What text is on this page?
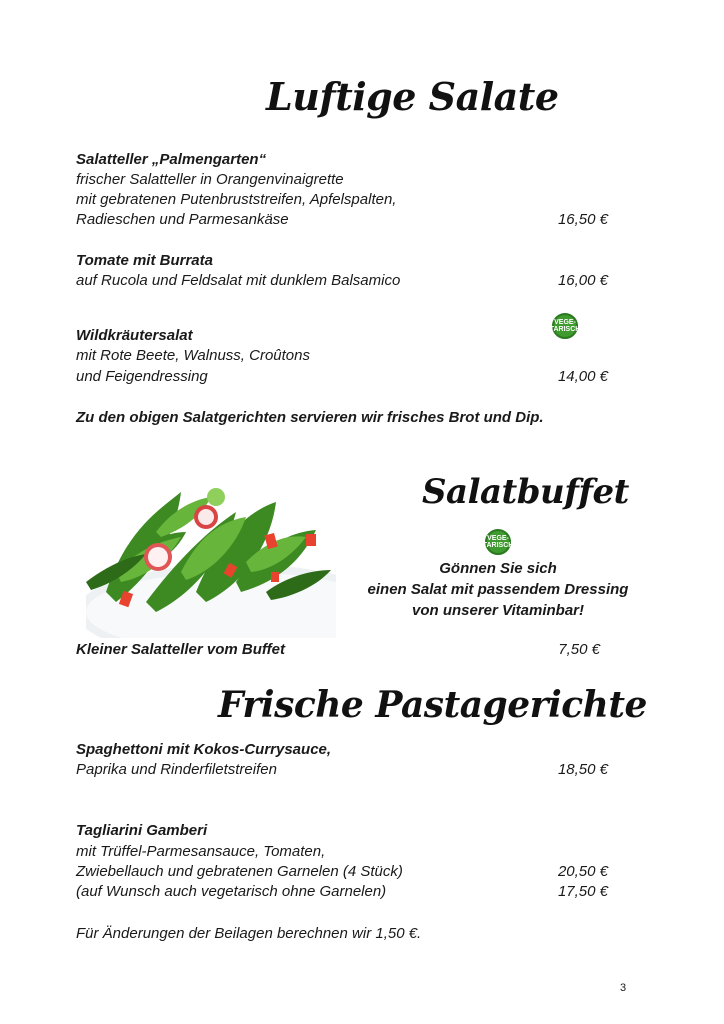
Luftige Salate
Salatteller „Palmengarten“
frischer Salatteller in Orangenvinaigrette
mit gebratenen Putenbruststreifen, Apfelspalten,
Radieschen und Parmesankäse	16,50 €
Tomate mit Burrata
auf Rucola und Feldsalat mit dunklem Balsamico	16,00 €
VEGE-TARISCH
Wildkräutersalat
mit Rote Beete, Walnuss, Croûtons
und Feigendressing	14,00 €
Zu den obigen Salatgerichten servieren wir frisches Brot und Dip.
Salatbuffet
VEGE-TARISCH
Gönnen Sie sich
einen Salat mit passendem Dressing
von unserer Vitaminbar!
Kleiner Salatteller vom Buffet	7,50 €
Frische Pastagerichte
Spaghettoni mit Kokos-Currysauce,
Paprika und Rinderfiletstreifen	18,50 €
Tagliarini Gamberi
mit Trüffel-Parmesansauce, Tomaten,
Zwiebellauch und gebratenen Garnelen (4 Stück)	20,50 €
(auf Wunsch auch vegetarisch ohne Garnelen)	17,50 €
Für Änderungen der Beilagen berechnen wir 1,50 €.
3
